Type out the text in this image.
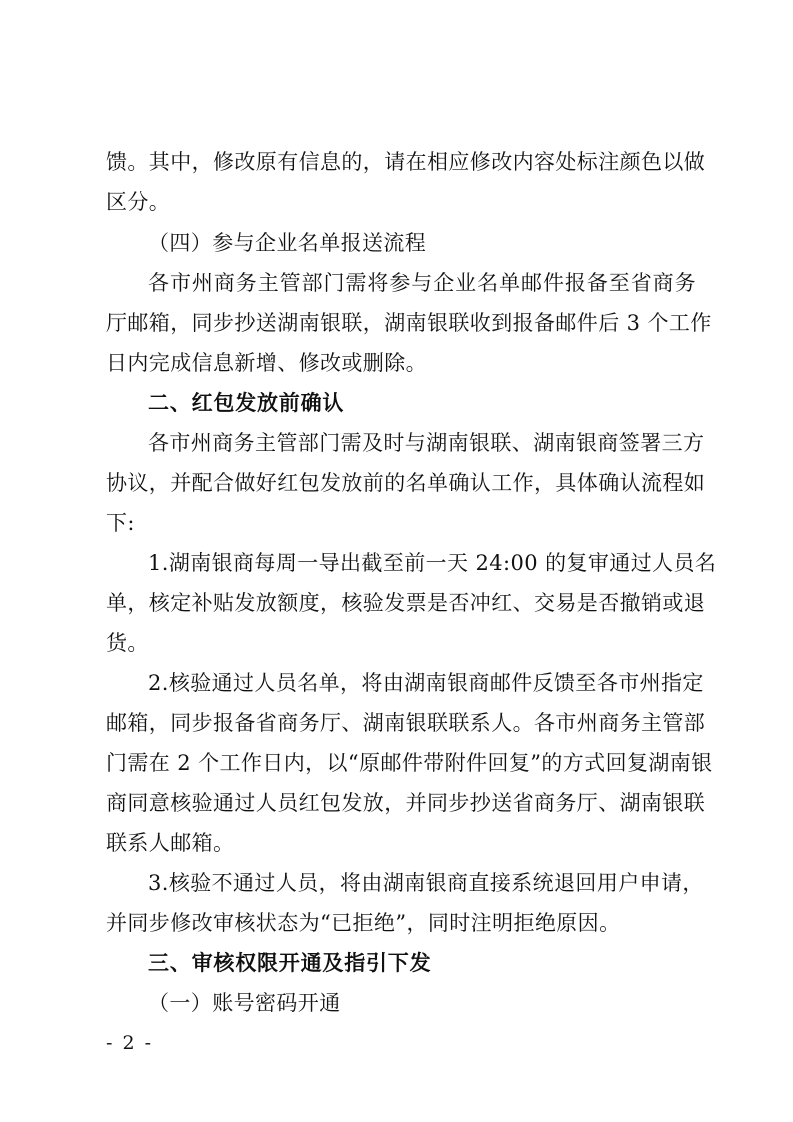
馈。其中，修改原有信息的，请在相应修改内容处标注颜色以做
区分。
（四）参与企业名单报送流程
各市州商务主管部门需将参与企业名单邮件报备至省商务
厅邮箱，同步抄送湖南银联，湖南银联收到报备邮件后 3 个工作
日内完成信息新增、修改或删除。
二、红包发放前确认
各市州商务主管部门需及时与湖南银联、湖南银商签署三方
协议，并配合做好红包发放前的名单确认工作，具体确认流程如
下:
1.湖南银商每周一导出截至前一天 24:00 的复审通过人员名
单，核定补贴发放额度，核验发票是否冲红、交易是否撤销或退
货。
2.核验通过人员名单，将由湖南银商邮件反馈至各市州指定
邮箱，同步报备省商务厅、湖南银联联系人。各市州商务主管部
门需在 2 个工作日内，以“原邮件带附件回复”的方式回复湖南银
商同意核验通过人员红包发放，并同步抄送省商务厅、湖南银联
联系人邮箱。
3.核验不通过人员，将由湖南银商直接系统退回用户申请，
并同步修改审核状态为“已拒绝”，同时注明拒绝原因。
三、审核权限开通及指引下发
（一）账号密码开通
- 2 -
